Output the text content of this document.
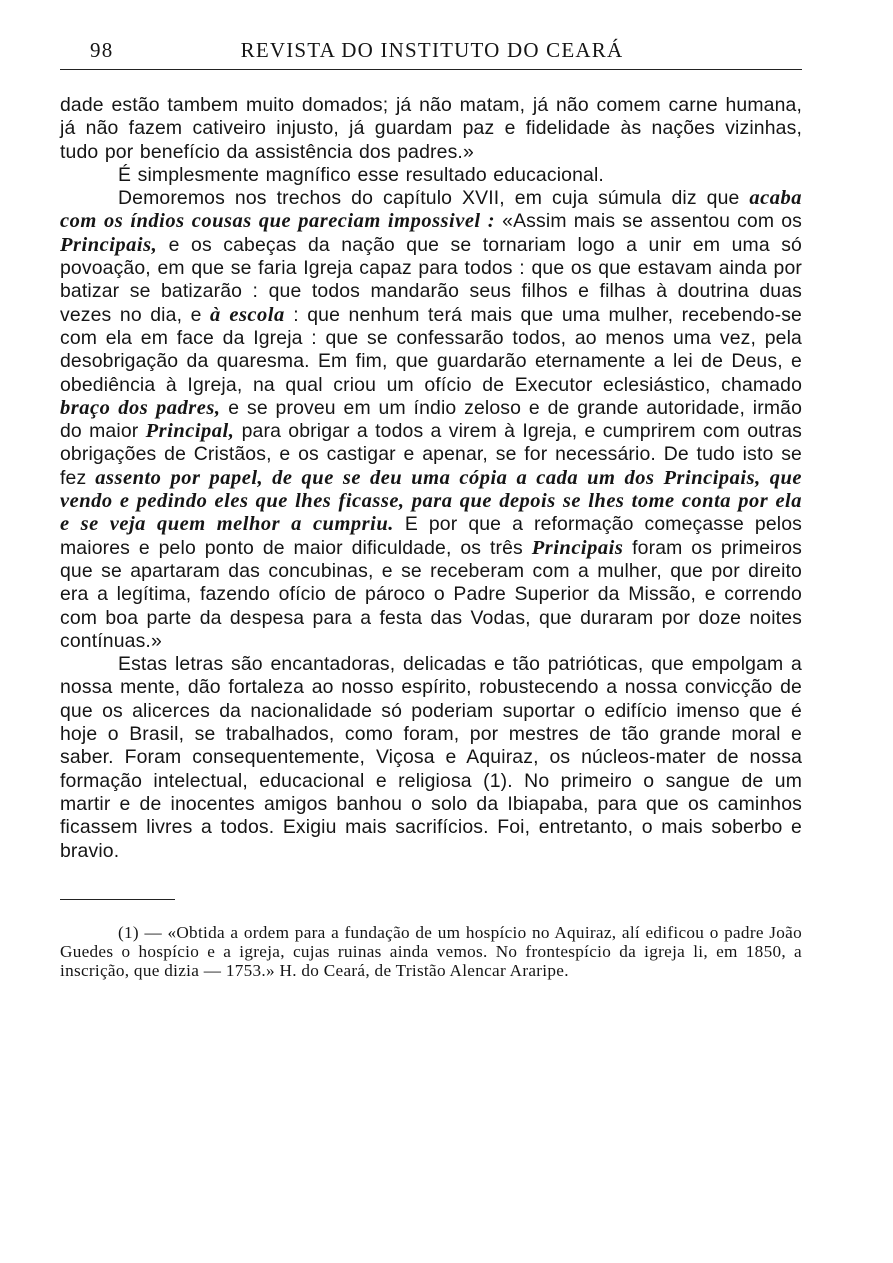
98	REVISTA DO INSTITUTO DO CEARÁ

dade estão tambem muito domados; já não matam, já não comem carne humana, já não fazem cativeiro injusto, já guardam paz e fidelidade às nações vizinhas, tudo por benefício da assistência dos padres.»

É simplesmente magnífico esse resultado educacional.

Demoremos nos trechos do capítulo XVII, em cuja súmula diz que acaba com os índios cousas que pareciam impossivel : «Assim mais se assentou com os Principais, e os cabeças da nação que se tornariam logo a unir em uma só povoação, em que se faria Igreja capaz para todos : que os que estavam ainda por batizar se batizarão : que todos mandarão seus filhos e filhas à doutrina duas vezes no dia, e à escola : que nenhum terá mais que uma mulher, recebendo-se com ela em face da Igreja : que se confessarão todos, ao menos uma vez, pela desobrigação da quaresma. Em fim, que guardarão eternamente a lei de Deus, e obediência à Igreja, na qual criou um ofício de Executor eclesiástico, chamado braço dos padres, e se proveu em um índio zeloso e de grande autoridade, irmão do maior Principal, para obrigar a todos a virem à Igreja, e cumprirem com outras obrigações de Cristãos, e os castigar e apenar, se for necessário. De tudo isto se fez assento por papel, de que se deu uma cópia a cada um dos Principais, que vendo e pedindo eles que lhes ficasse, para que depois se lhes tome conta por ela e se veja quem melhor a cumpriu. E por que a reformação começasse pelos maiores e pelo ponto de maior dificuldade, os três Principais foram os primeiros que se apartaram das concubinas, e se receberam com a mulher, que por direito era a legítima, fazendo ofício de pároco o Padre Superior da Missão, e correndo com boa parte da despesa para a festa das Vodas, que duraram por doze noites contínuas.»

Estas letras são encantadoras, delicadas e tão patrióticas, que empolgam a nossa mente, dão fortaleza ao nosso espírito, robustecendo a nossa convicção de que os alicerces da nacionalidade só poderiam suportar o edifício imenso que é hoje o Brasil, se trabalhados, como foram, por mestres de tão grande moral e saber. Foram consequentemente, Viçosa e Aquiraz, os núcleos-mater de nossa formação intelectual, educacional e religiosa (1). No primeiro o sangue de um martir e de inocentes amigos banhou o solo da Ibiapaba, para que os caminhos ficassem livres a todos. Exigiu mais sacrifícios. Foi, entretanto, o mais soberbo e bravio.

(1) — «Obtida a ordem para a fundação de um hospício no Aquiraz, alí edificou o padre João Guedes o hospício e a igreja, cujas ruinas ainda vemos. No frontespício da igreja li, em 1850, a inscrição, que dizia — 1753.» H. do Ceará, de Tristão Alencar Araripe.
